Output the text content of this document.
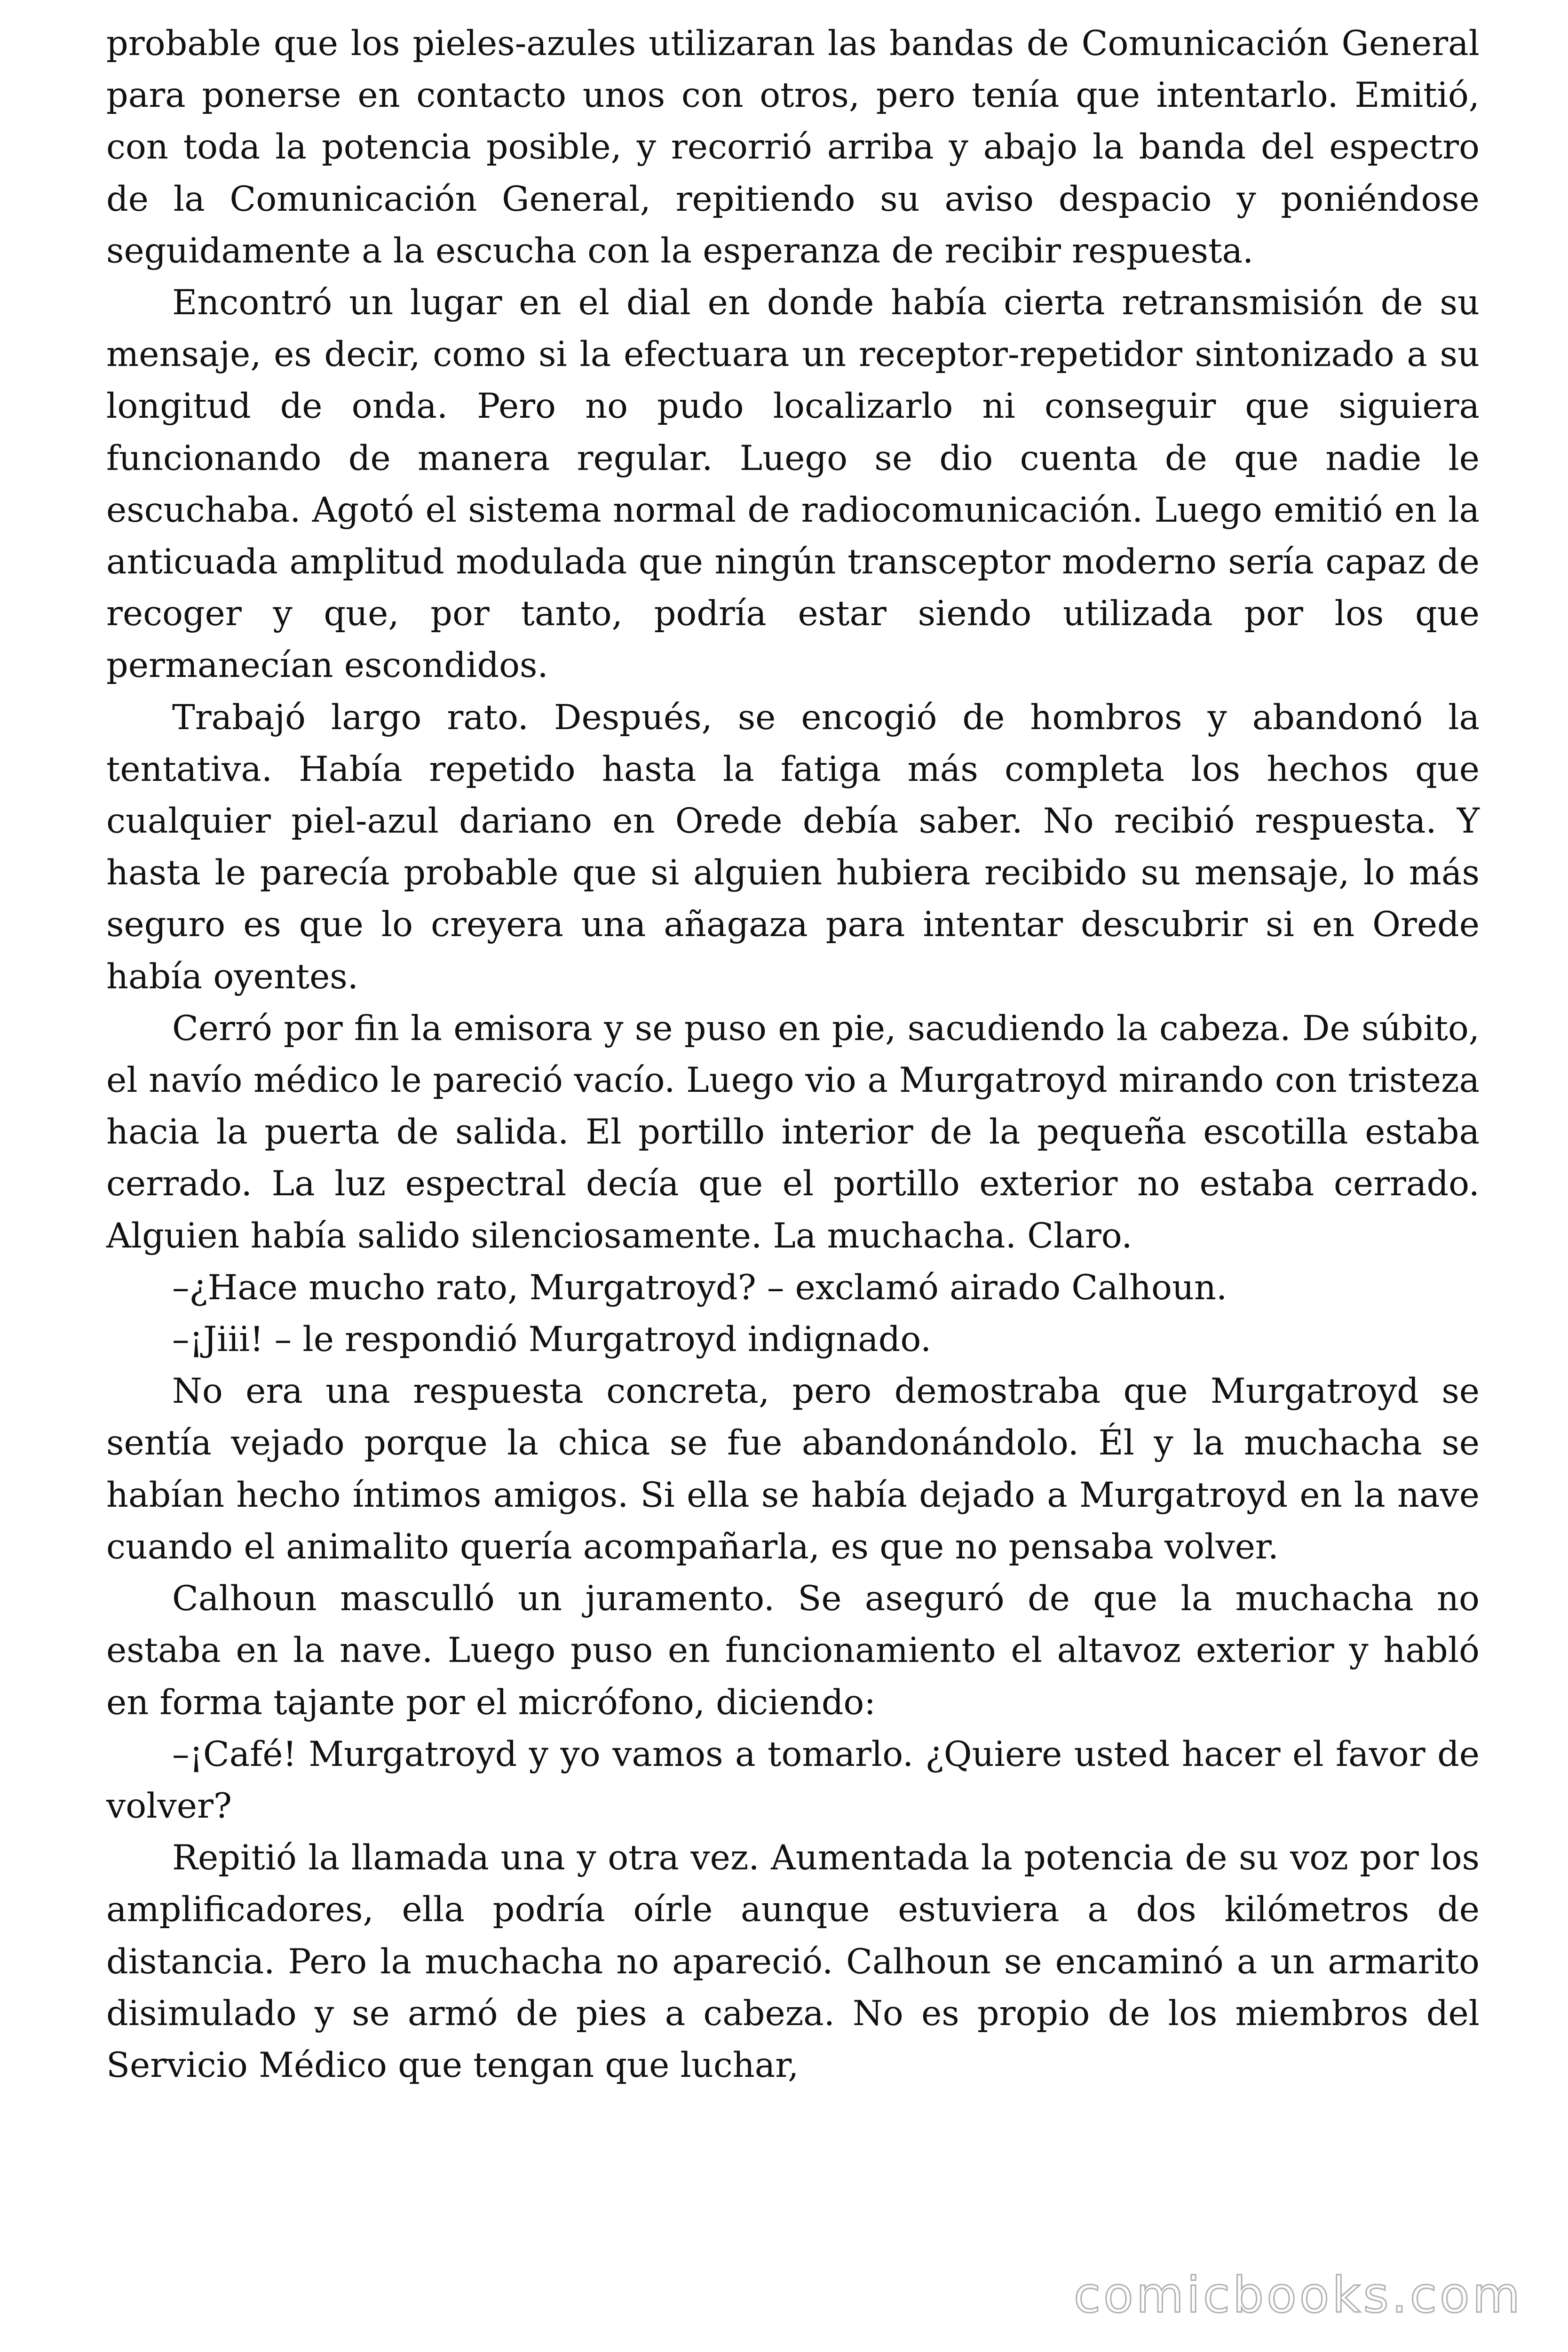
probable que los pieles-azules utilizaran las bandas de Comunicación General para ponerse en contacto unos con otros, pero tenía que intentarlo. Emitió, con toda la potencia posible, y recorrió arriba y abajo la banda del espectro de la Comunicación General, repitiendo su aviso despacio y poniéndose seguidamente a la escucha con la esperanza de recibir respuesta.

Encontró un lugar en el dial en donde había cierta retransmisión de su mensaje, es decir, como si la efectuara un receptor-repetidor sintonizado a su longitud de onda. Pero no pudo localizarlo ni conseguir que siguiera funcionando de manera regular. Luego se dio cuenta de que nadie le escuchaba. Agotó el sistema normal de radiocomunicación. Luego emitió en la anticuada amplitud modulada que ningún transceptor moderno sería capaz de recoger y que, por tanto, podría estar siendo utilizada por los que permanecían escondidos.

Trabajó largo rato. Después, se encogió de hombros y abandonó la tentativa. Había repetido hasta la fatiga más completa los hechos que cualquier piel-azul dariano en Orede debía saber. No recibió respuesta. Y hasta le parecía probable que si alguien hubiera recibido su mensaje, lo más seguro es que lo creyera una añagaza para intentar descubrir si en Orede había oyentes.

Cerró por fin la emisora y se puso en pie, sacudiendo la cabeza. De súbito, el navío médico le pareció vacío. Luego vio a Murgatroyd mirando con tristeza hacia la puerta de salida. El portillo interior de la pequeña escotilla estaba cerrado. La luz espectral decía que el portillo exterior no estaba cerrado. Alguien había salido silenciosamente. La muchacha. Claro.

–¿Hace mucho rato, Murgatroyd? – exclamó airado Calhoun.

–¡Jiii! – le respondió Murgatroyd indignado.

No era una respuesta concreta, pero demostraba que Murgatroyd se sentía vejado porque la chica se fue abandonándolo. Él y la muchacha se habían hecho íntimos amigos. Si ella se había dejado a Murgatroyd en la nave cuando el animalito quería acompañarla, es que no pensaba volver.

Calhoun masculló un juramento. Se aseguró de que la muchacha no estaba en la nave. Luego puso en funcionamiento el altavoz exterior y habló en forma tajante por el micrófono, diciendo:

–¡Café! Murgatroyd y yo vamos a tomarlo. ¿Quiere usted hacer el favor de volver?

Repitió la llamada una y otra vez. Aumentada la potencia de su voz por los amplificadores, ella podría oírle aunque estuviera a dos kilómetros de distancia. Pero la muchacha no apareció. Calhoun se encaminó a un armarito disimulado y se armó de pies a cabeza. No es propio de los miembros del Servicio Médico que tengan que luchar,

comicbooks.com
